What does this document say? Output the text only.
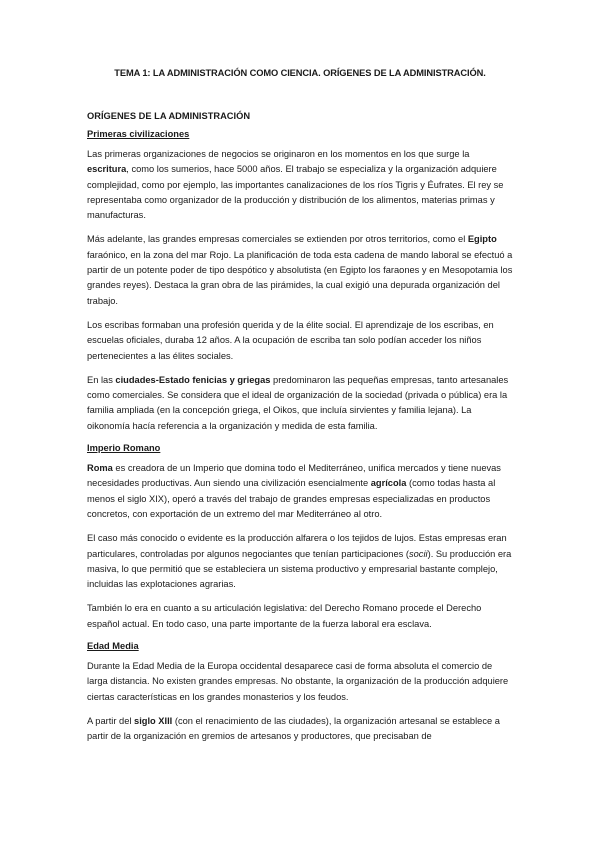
TEMA 1: LA ADMINISTRACIÓN COMO CIENCIA. ORÍGENES DE LA ADMINISTRACIÓN.
ORÍGENES DE LA ADMINISTRACIÓN
Primeras civilizaciones

Las primeras organizaciones de negocios se originaron en los momentos en los que surge la escritura, como los sumerios, hace 5000 años. El trabajo se especializa y la organización adquiere complejidad, como por ejemplo, las importantes canalizaciones de los ríos Tigris y Éufrates. El rey se representaba como organizador de la producción y distribución de los alimentos, materias primas y manufacturas.

Más adelante, las grandes empresas comerciales se extienden por otros territorios, como el Egipto faraónico, en la zona del mar Rojo. La planificación de toda esta cadena de mando laboral se efectuó a partir de un potente poder de tipo despótico y absolutista (en Egipto los faraones y en Mesopotamia los grandes reyes). Destaca la gran obra de las pirámides, la cual exigió una depurada organización del trabajo.

Los escribas formaban una profesión querida y de la élite social. El aprendizaje de los escribas, en escuelas oficiales, duraba 12 años. A la ocupación de escriba tan solo podían acceder los niños pertenecientes a las élites sociales.

En las ciudades-Estado fenicias y griegas predominaron las pequeñas empresas, tanto artesanales como comerciales. Se considera que el ideal de organización de la sociedad (privada o pública) era la familia ampliada (en la concepción griega, el Oikos, que incluía sirvientes y familia lejana). La oikonomía hacía referencia a la organización y medida de esta familia.

Imperio Romano

Roma es creadora de un Imperio que domina todo el Mediterráneo, unifica mercados y tiene nuevas necesidades productivas. Aun siendo una civilización esencialmente agrícola (como todas hasta al menos el siglo XIX), operó a través del trabajo de grandes empresas especializadas en productos concretos, con exportación de un extremo del mar Mediterráneo al otro.

El caso más conocido o evidente es la producción alfarera o los tejidos de lujos. Estas empresas eran particulares, controladas por algunos negociantes que tenían participaciones (socii). Su producción era masiva, lo que permitió que se estableciera un sistema productivo y empresarial bastante complejo, incluidas las explotaciones agrarias.

También lo era en cuanto a su articulación legislativa: del Derecho Romano procede el Derecho español actual. En todo caso, una parte importante de la fuerza laboral era esclava.

Edad Media

Durante la Edad Media de la Europa occidental desaparece casi de forma absoluta el comercio de larga distancia. No existen grandes empresas. No obstante, la organización de la producción adquiere ciertas características en los grandes monasterios y los feudos.

A partir del siglo XIII (con el renacimiento de las ciudades), la organización artesanal se establece a partir de la organización en gremios de artesanos y productores, que precisaban de
